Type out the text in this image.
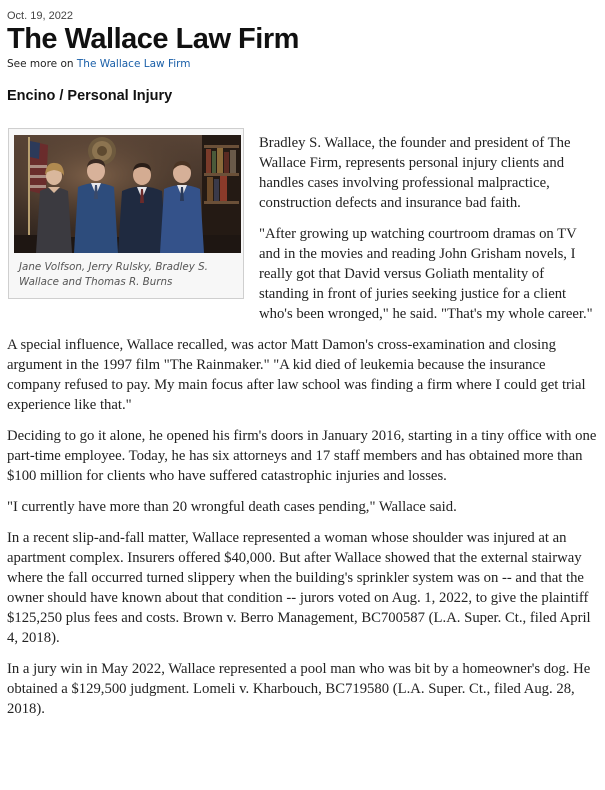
Oct. 19, 2022
The Wallace Law Firm
See more on The Wallace Law Firm
Encino / Personal Injury

Bradley S. Wallace, the founder and president of The Wallace Firm, represents personal injury clients and handles cases involving professional malpractice, construction defects and insurance bad faith.

"After growing up watching courtroom dramas on TV and in the movies and reading John Grisham novels, I really got that David versus Goliath mentality of standing in front of juries seeking justice for a client who's been wronged," he said. "That's my whole career."

A special influence, Wallace recalled, was actor Matt Damon's cross-examination and closing argument in the 1997 film "The Rainmaker." "A kid died of leukemia because the insurance company refused to pay. My main focus after law school was finding a firm where I could get trial experience like that."

Deciding to go it alone, he opened his firm's doors in January 2016, starting in a tiny office with one part-time employee. Today, he has six attorneys and 17 staff members and has obtained more than $100 million for clients who have suffered catastrophic injuries and losses.

"I currently have more than 20 wrongful death cases pending," Wallace said.

In a recent slip-and-fall matter, Wallace represented a woman whose shoulder was injured at an apartment complex. Insurers offered $40,000. But after Wallace showed that the external stairway where the fall occurred turned slippery when the building's sprinkler system was on -- and that the owner should have known about that condition -- jurors voted on Aug. 1, 2022, to give the plaintiff $125,250 plus fees and costs. Brown v. Berro Management, BC700587 (L.A. Super. Ct., filed April 4, 2018).

In a jury win in May 2022, Wallace represented a pool man who was bit by a homeowner's dog. He obtained a $129,500 judgment. Lomeli v. Kharbouch, BC719580 (L.A. Super. Ct., filed Aug. 28, 2018).

Jane Volfson, Jerry Rulsky, Bradley S. Wallace and Thomas R. Burns
